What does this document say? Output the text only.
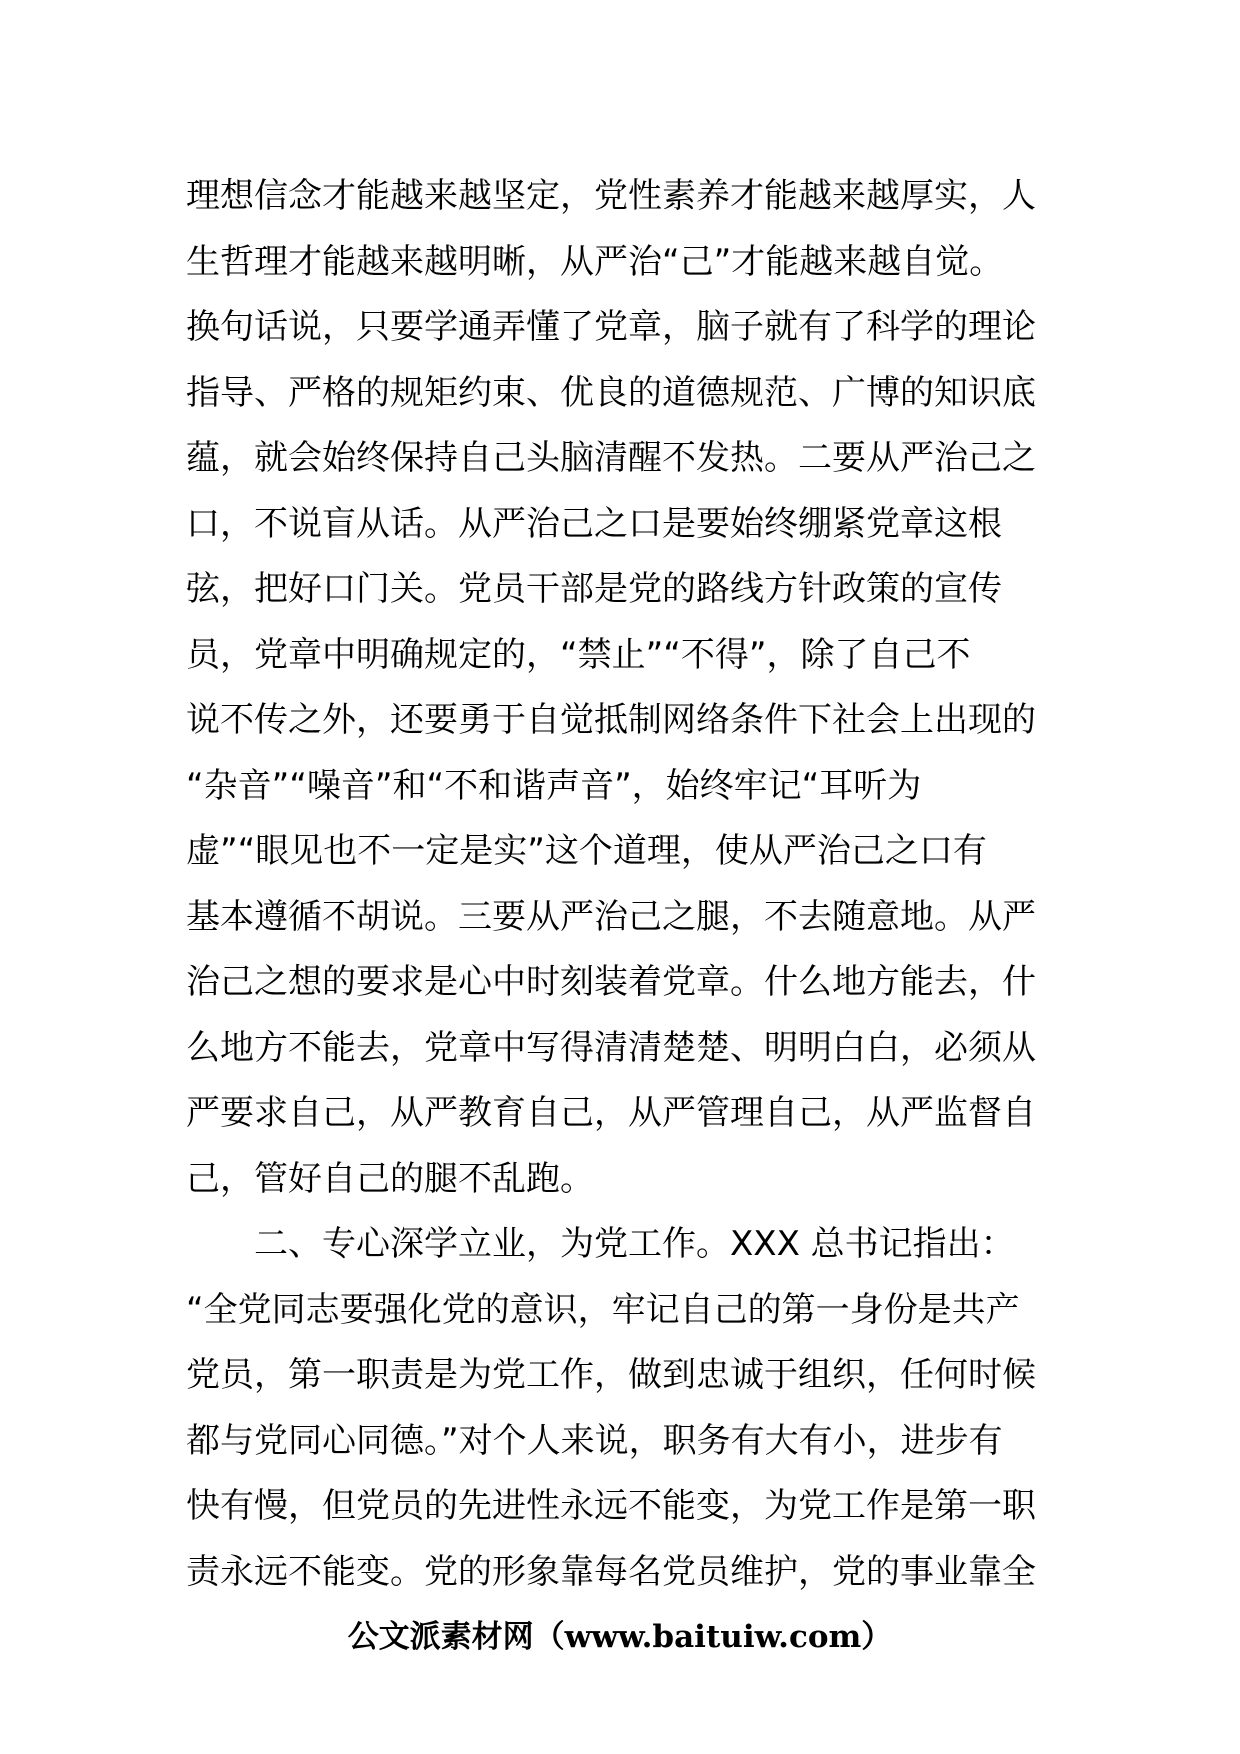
理想信念才能越来越坚定，党性素养才能越来越厚实，人
生哲理才能越来越明晰，从严治“己”才能越来越自觉。
换句话说，只要学通弄懂了党章，脑子就有了科学的理论
指导、严格的规矩约束、优良的道德规范、广博的知识底
蕴，就会始终保持自己头脑清醒不发热。二要从严治己之
口，不说盲从话。从严治己之口是要始终绷紧党章这根
弦，把好口门关。党员干部是党的路线方针政策的宣传
员，党章中明确规定的，“禁止”“不得”，除了自己不
说不传之外，还要勇于自觉抵制网络条件下社会上出现的
“杂音”“噪音”和“不和谐声音”，始终牢记“耳听为
虚”“眼见也不一定是实”这个道理，使从严治己之口有
基本遵循不胡说。三要从严治己之腿，不去随意地。从严
治己之想的要求是心中时刻装着党章。什么地方能去，什
么地方不能去，党章中写得清清楚楚、明明白白，必须从
严要求自己，从严教育自己，从严管理自己，从严监督自
己，管好自己的腿不乱跑。
二、专心深学立业，为党工作。XXX 总书记指出：
“全党同志要强化党的意识，牢记自己的第一身份是共产
党员，第一职责是为党工作，做到忠诚于组织，任何时候
都与党同心同德。”对个人来说，职务有大有小，进步有
快有慢，但党员的先进性永远不能变，为党工作是第一职
责永远不能变。党的形象靠每名党员维护，党的事业靠全
公文派素材网（www.baituiw.com）
